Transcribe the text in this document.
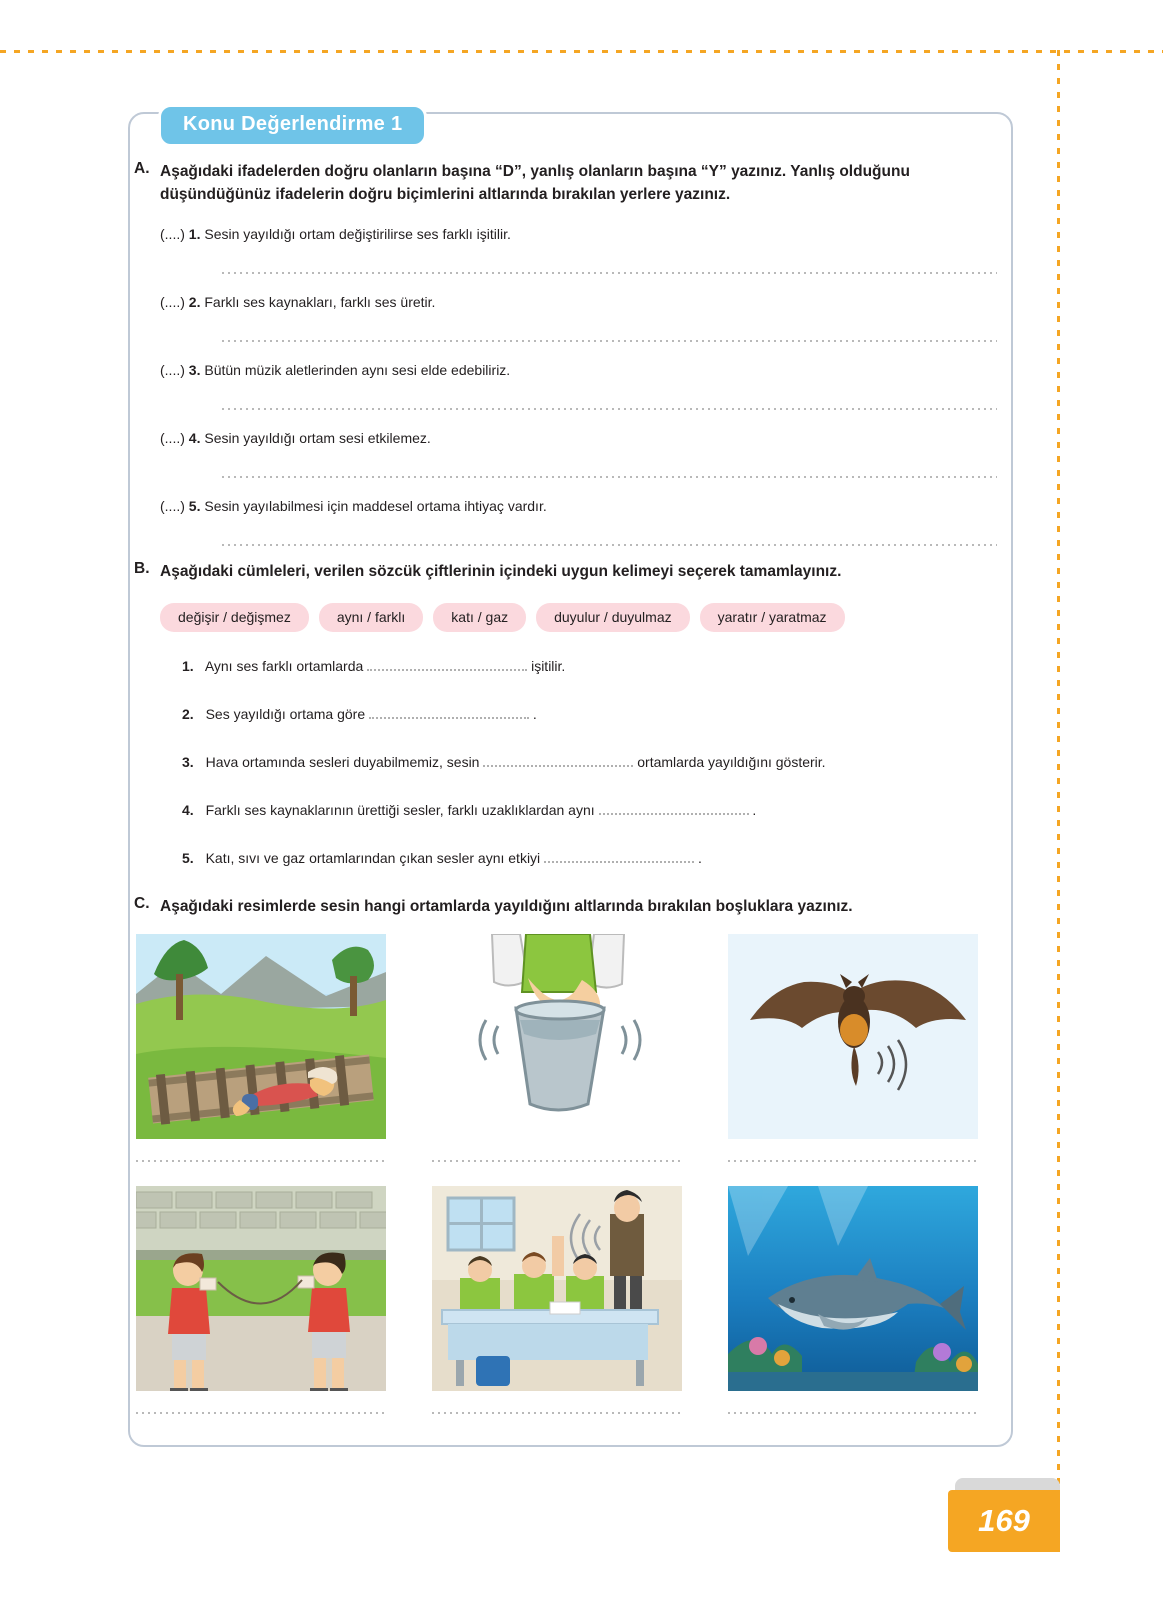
Konu Değerlendirme 1
A. Aşağıdaki ifadelerden doğru olanların başına “D”, yanlış olanların başına “Y” yazınız. Yanlış olduğunu düşündüğünüz ifadelerin doğru biçimlerini altlarında bırakılan yerlere yazınız.
(....) 1. Sesin yayıldığı ortam değiştirilirse ses farklı işitilir.
(....) 2. Farklı ses kaynakları, farklı ses üretir.
(....) 3. Bütün müzik aletlerinden aynı sesi elde edebiliriz.
(....) 4. Sesin yayıldığı ortam sesi etkilemez.
(....) 5. Sesin yayılabilmesi için maddesel ortama ihtiyaç vardır.
B. Aşağıdaki cümleleri, verilen sözcük çiftlerinin içindeki uygun kelimeyi seçerek tamamlayınız.
değişir / değişmez	aynı / farklı	katı / gaz	duyulur / duyulmaz	yaratır / yaratmaz
1. Aynı ses farklı ortamlarda	işitilir.
2. Ses yayıldığı ortama göre	.
3. Hava ortamında sesleri duyabilmemiz, sesin	ortamlarda yayıldığını gösterir.
4. Farklı ses kaynaklarının ürettiği sesler, farklı uzaklıklardan aynı	.
5. Katı, sıvı ve gaz ortamlarından çıkan sesler aynı etkiyi	.
C. Aşağıdaki resimlerde sesin hangi ortamlarda yayıldığını altlarında bırakılan boşluklara yazınız.
169
